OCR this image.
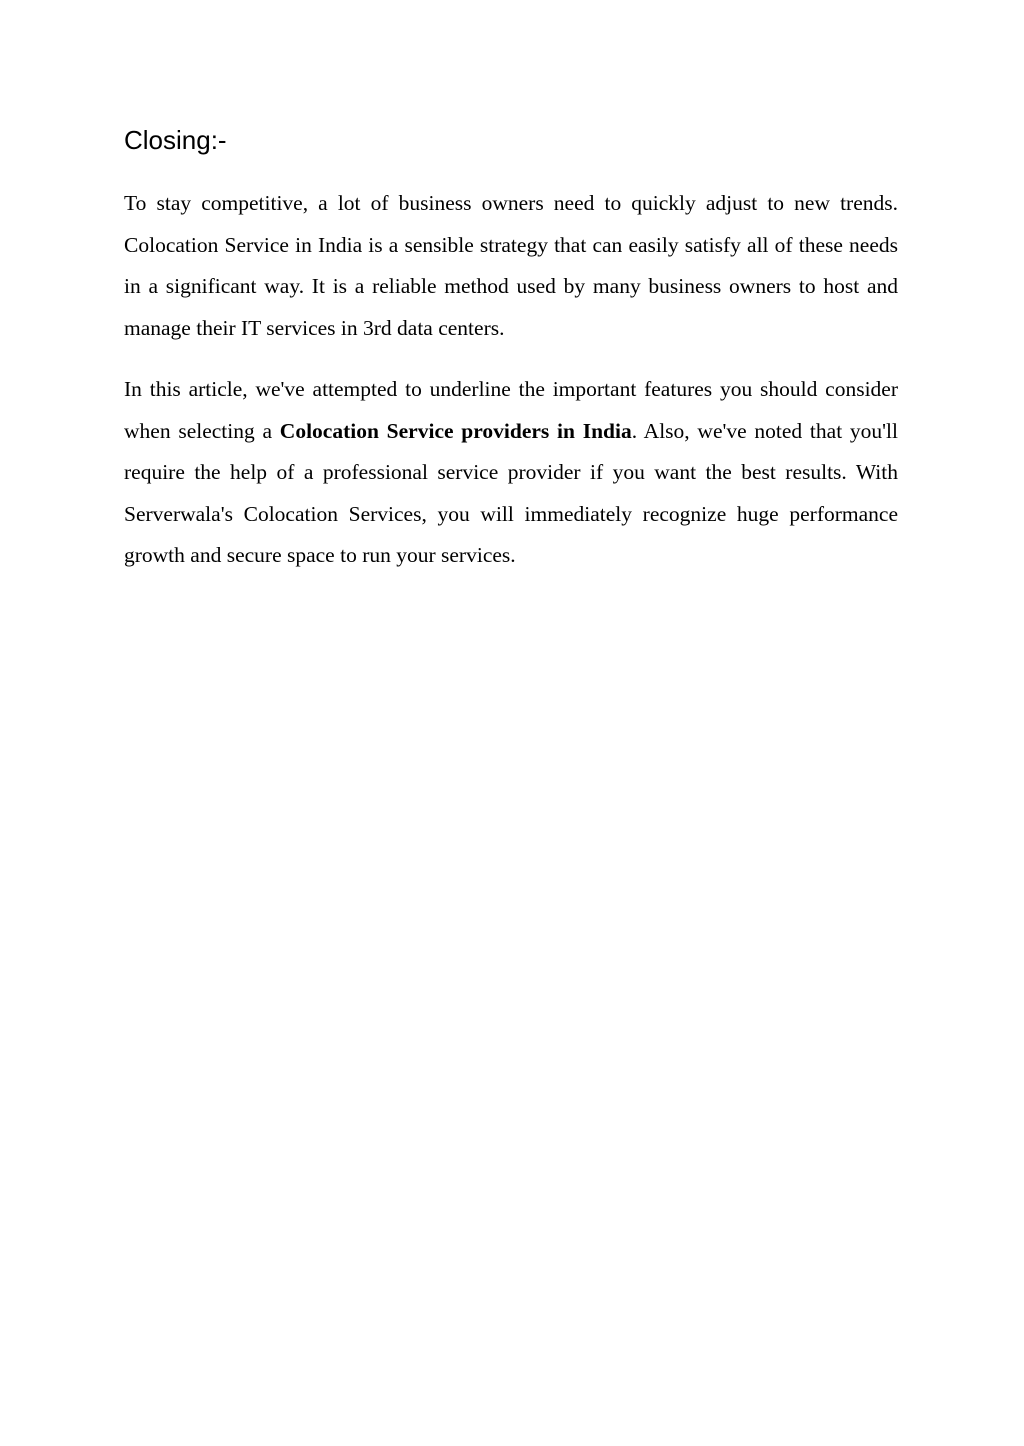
Closing:-

To stay competitive, a lot of business owners need to quickly adjust to new trends. Colocation Service in India is a sensible strategy that can easily satisfy all of these needs in a significant way. It is a reliable method used by many business owners to host and manage their IT services in 3rd data centers.

In this article, we've attempted to underline the important features you should consider when selecting a Colocation Service providers in India. Also, we've noted that you'll require the help of a professional service provider if you want the best results. With Serverwala's Colocation Services, you will immediately recognize huge performance growth and secure space to run your services.
